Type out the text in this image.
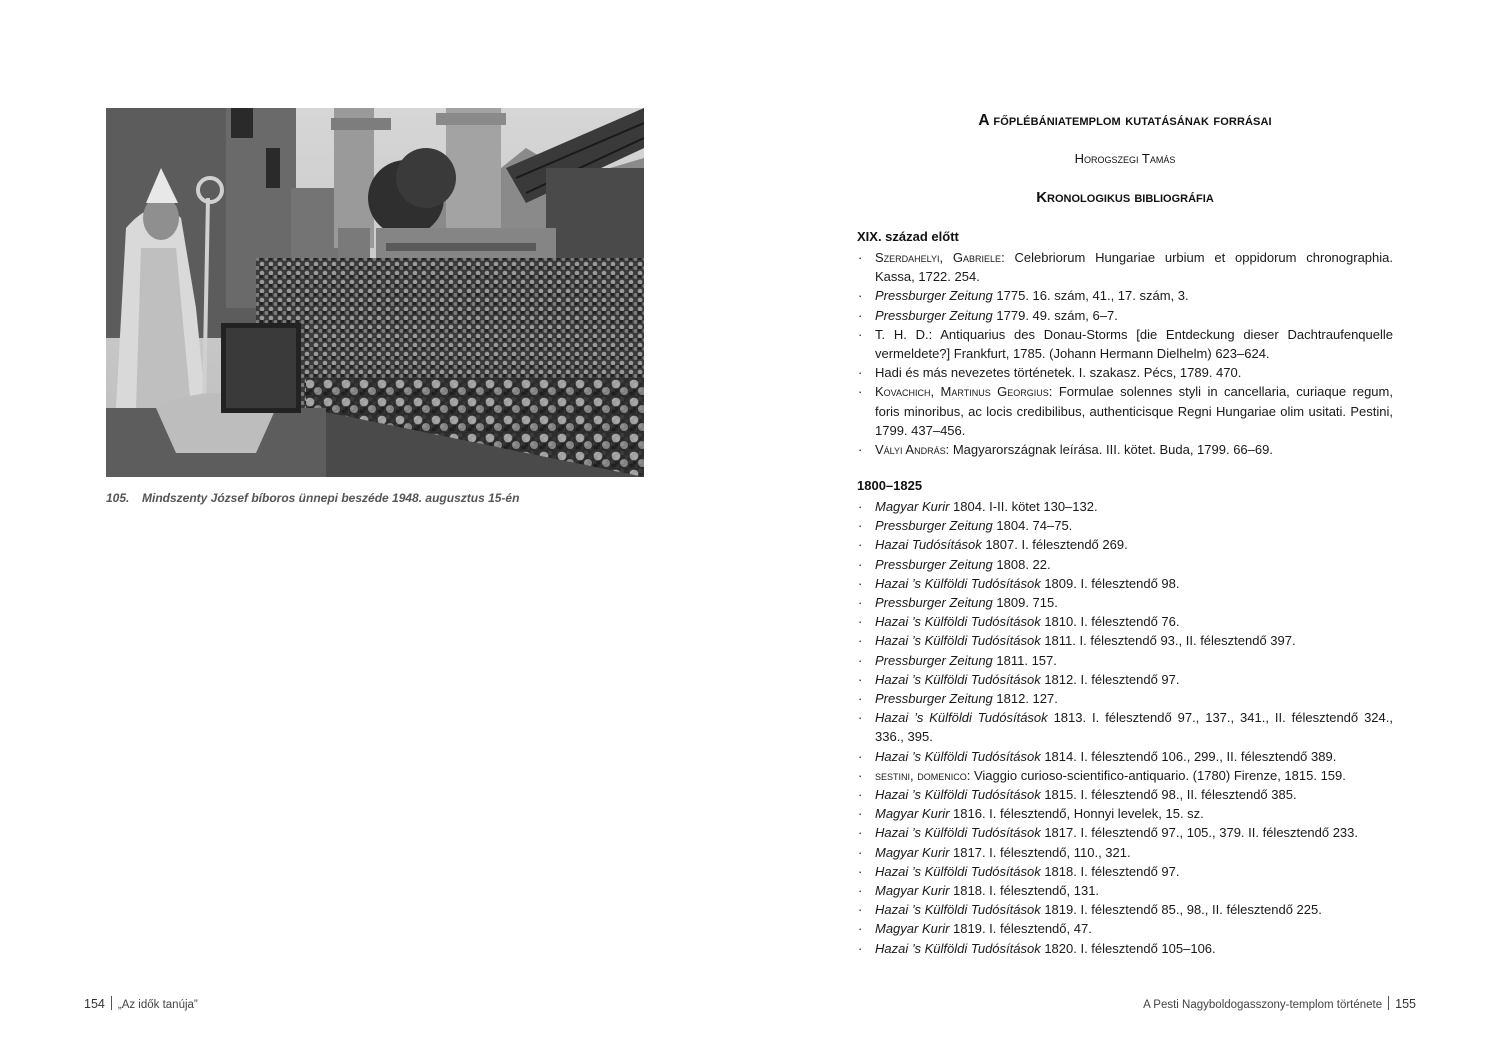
105. Mindszenty József bíboros ünnepi beszéde 1948. augusztus 15-én
154 „Az idők tanúja”
A főplébániatemplom kutatásának forrásai
Horogszegi Tamás
Kronologikus bibliográfia
XIX. század előtt
· Szerdahelyi, Gabriele: Celebriorum Hungariae urbium et oppidorum chronographia. Kassa, 1722. 254.
· Pressburger Zeitung 1775. 16. szám, 41., 17. szám, 3.
· Pressburger Zeitung 1779. 49. szám, 6–7.
· T. H. D.: Antiquarius des Donau-Storms [die Entdeckung dieser Dachtraufenquelle vermeldete?] Frankfurt, 1785. (Johann Hermann Dielhelm) 623–624.
· Hadi és más nevezetes történetek. I. szakasz. Pécs, 1789. 470.
· Kovachich, Martinus Georgius: Formulae solennes styli in cancellaria, curiaque regum, foris minoribus, ac locis credibilibus, authenticisque Regni Hungariae olim usitati. Pestini, 1799. 437–456.
· Vályi András: Magyarországnak leírása. III. kötet. Buda, 1799. 66–69.
1800–1825
· Magyar Kurir 1804. I-II. kötet 130–132.
· Pressburger Zeitung 1804. 74–75.
· Hazai Tudósítások 1807. I. félesztendő 269.
· Pressburger Zeitung 1808. 22.
· Hazai ’s Külföldi Tudósítások 1809. I. félesztendő 98.
· Pressburger Zeitung 1809. 715.
· Hazai ’s Külföldi Tudósítások 1810. I. félesztendő 76.
· Hazai ’s Külföldi Tudósítások 1811. I. félesztendő 93., II. félesztendő 397.
· Pressburger Zeitung 1811. 157.
· Hazai ’s Külföldi Tudósítások 1812. I. félesztendő 97.
· Pressburger Zeitung 1812. 127.
· Hazai ’s Külföldi Tudósítások 1813. I. félesztendő 97., 137., 341., II. félesztendő 324., 336., 395.
· Hazai ’s Külföldi Tudósítások 1814. I. félesztendő 106., 299., II. félesztendő 389.
· sestini, domenico: Viaggio curioso-scientifico-antiquario. (1780) Firenze, 1815. 159.
· Hazai ’s Külföldi Tudósítások 1815. I. félesztendő 98., II. félesztendő 385.
· Magyar Kurir 1816. I. félesztendő, Honnyi levelek, 15. sz.
· Hazai ’s Külföldi Tudósítások 1817. I. félesztendő 97., 105., 379. II. félesztendő 233.
· Magyar Kurir 1817. I. félesztendő, 110., 321.
· Hazai ’s Külföldi Tudósítások 1818. I. félesztendő 97.
· Magyar Kurir 1818. I. félesztendő, 131.
· Hazai ’s Külföldi Tudósítások 1819. I. félesztendő 85., 98., II. félesztendő 225.
· Magyar Kurir 1819. I. félesztendő, 47.
· Hazai ’s Külföldi Tudósítások 1820. I. félesztendő 105–106.
A Pesti Nagyboldogasszony-templom története 155
